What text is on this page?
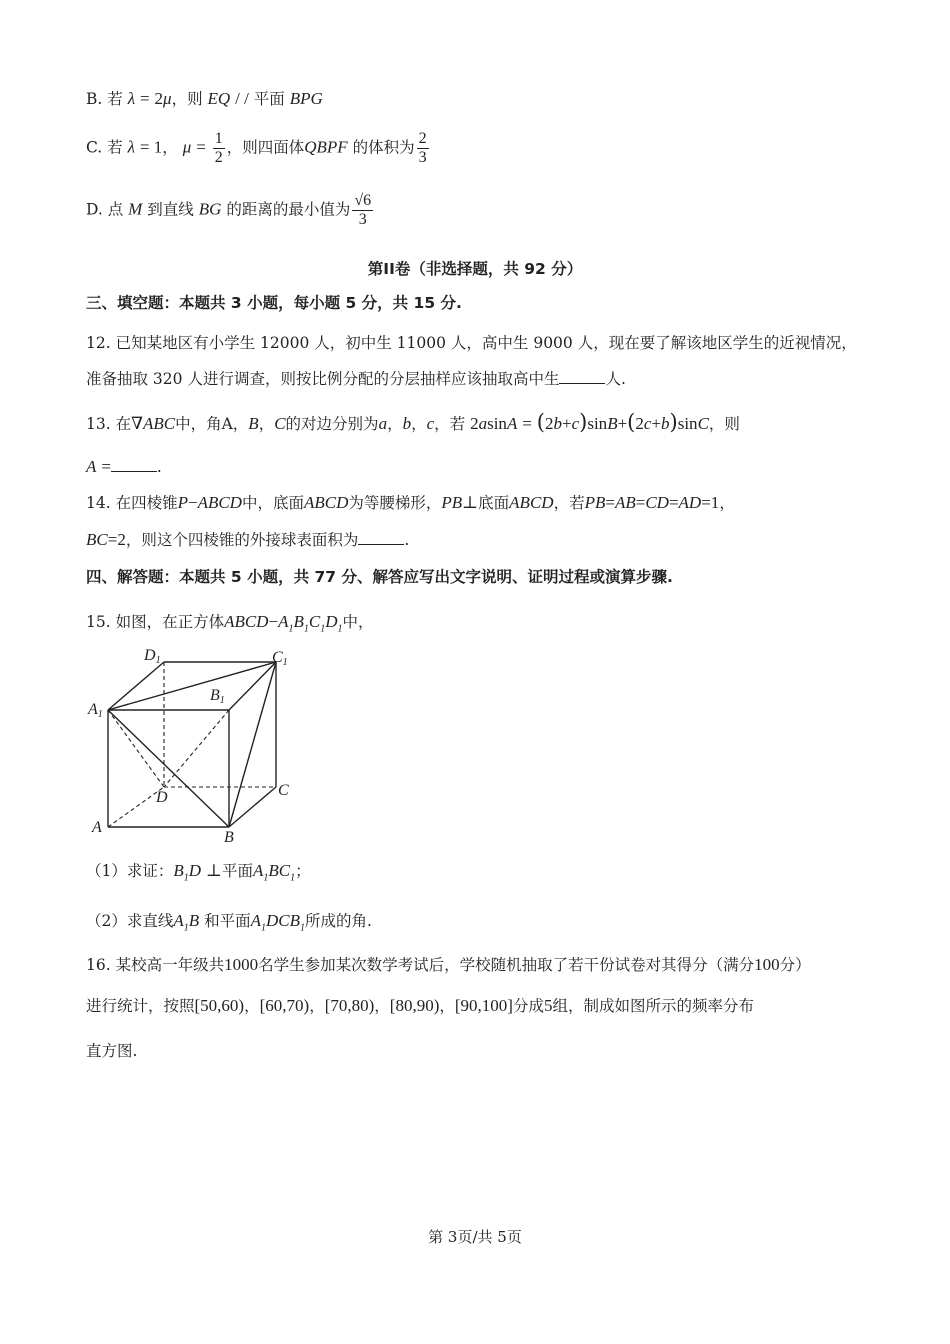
B. 若 λ = 2μ，则 EQ / / 平面 BPG
C. 若 λ = 1， $\mu = \frac{1}{2}$ ，则四面体QBPF 的体积为 $\frac{2}{3}$
D. 点 M 到直线 BG 的距离的最小值为 $\frac{√6}{3}$
第II卷（非选择题，共 92 分）
三、填空题：本题共 3 小题，每小题 5 分，共 15 分.
12. 已知某地区有小学生 12000 人，初中生 11000 人，高中生 9000 人，现在要了解该地区学生的近视情况，
准备抽取 320 人进行调查，则按比例分配的分层抽样应该抽取高中生	人.
13. 在∇ABC中，角A，B，C的对边分别为a，b，c，若 2asinA = (2b+c)sinB+(2c+b)sinC，则
A =	.
14. 在四棱锥P−ABCD中，底面ABCD为等腰梯形，PB⊥底面ABCD，若PB=AB=CD=AD=1，
BC=2，则这个四棱锥的外接球表面积为	.
四、解答题：本题共 5 小题，共 77 分、解答应写出文字说明、证明过程或演算步骤.
15. 如图，在正方体$ABCD-A_1B_1C_1D_1$中，
D1	C1
B1
A1
D	C
A
B
（1）求证：$B_1D$ ⊥平面$A_1BC_1$；
（2）求直线$A_1B$ 和平面$A_1DCB_1$所成的角.
16. 某校高一年级共1000名学生参加某次数学考试后，学校随机抽取了若干份试卷对其得分（满分100分）
进行统计，按照[50,60)，[60,70)，[70,80)，[80,90)，[90,100]分成5组，制成如图所示的频率分布
直方图.
第 3页/共 5页
